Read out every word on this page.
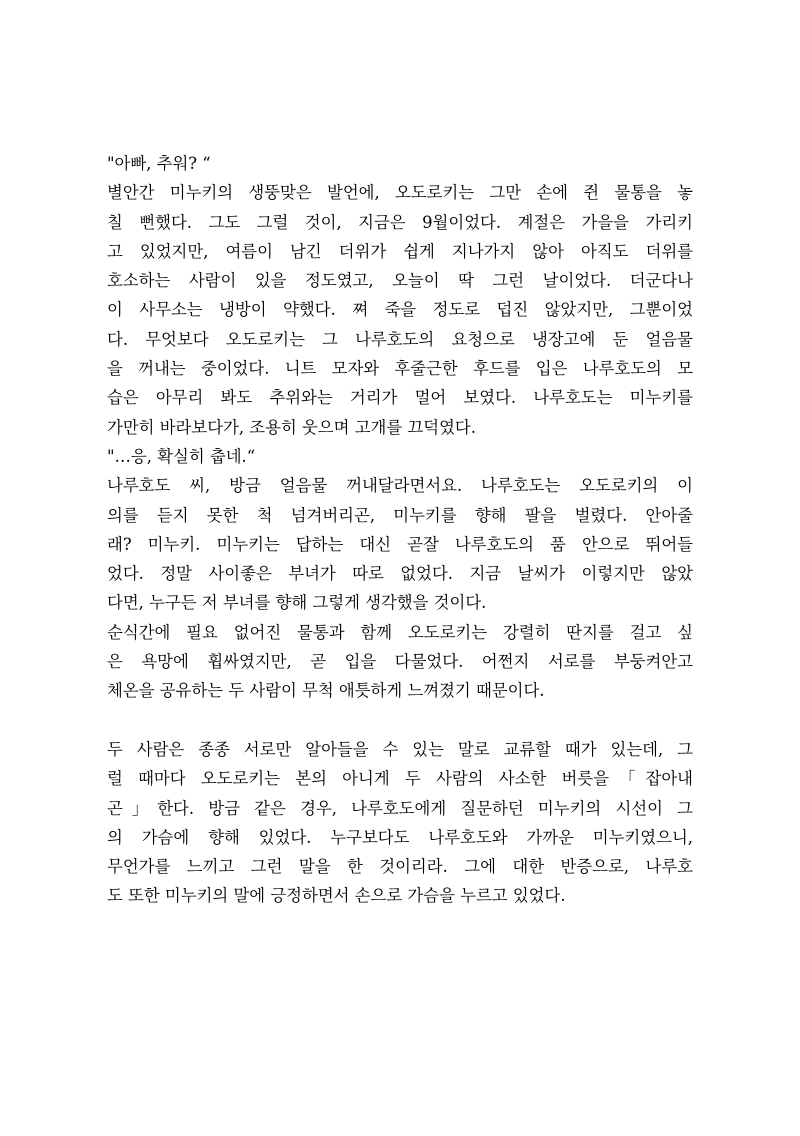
"아빠, 추워? “
별안간 미누키의 생뚱맞은 발언에, 오도로키는 그만 손에 쥔 물통을 놓
칠 뻔했다. 그도 그럴 것이, 지금은 9월이었다. 계절은 가을을 가리키
고 있었지만, 여름이 남긴 더위가 쉽게 지나가지 않아 아직도 더위를
호소하는 사람이 있을 정도였고, 오늘이 딱 그런 날이었다. 더군다나
이 사무소는 냉방이 약했다. 쪄 죽을 정도로 덥진 않았지만, 그뿐이었
다. 무엇보다 오도로키는 그 나루호도의 요청으로 냉장고에 둔 얼음물
을 꺼내는 중이었다. 니트 모자와 후줄근한 후드를 입은 나루호도의 모
습은 아무리 봐도 추위와는 거리가 멀어 보였다. 나루호도는 미누키를
가만히 바라보다가, 조용히 웃으며 고개를 끄덕였다.
"…응, 확실히 춥네.“
나루호도 씨, 방금 얼음물 꺼내달라면서요. 나루호도는 오도로키의 이
의를 듣지 못한 척 넘겨버리곤, 미누키를 향해 팔을 벌렸다. 안아줄
래? 미누키. 미누키는 답하는 대신 곧잘 나루호도의 품 안으로 뛰어들
었다. 정말 사이좋은 부녀가 따로 없었다. 지금 날씨가 이렇지만 않았
다면, 누구든 저 부녀를 향해 그렇게 생각했을 것이다.
순식간에 필요 없어진 물통과 함께 오도로키는 강렬히 딴지를 걸고 싶
은 욕망에 휩싸였지만, 곧 입을 다물었다. 어쩐지 서로를 부둥켜안고
체온을 공유하는 두 사람이 무척 애틋하게 느껴졌기 때문이다.
두 사람은 종종 서로만 알아들을 수 있는 말로 교류할 때가 있는데, 그
럴 때마다 오도로키는 본의 아니게 두 사람의 사소한 버릇을「잡아내
곤」한다. 방금 같은 경우, 나루호도에게 질문하던 미누키의 시선이 그
의 가슴에 향해 있었다. 누구보다도 나루호도와 가까운 미누키였으니,
무언가를 느끼고 그런 말을 한 것이리라. 그에 대한 반증으로, 나루호
도 또한 미누키의 말에 긍정하면서 손으로 가슴을 누르고 있었다.
